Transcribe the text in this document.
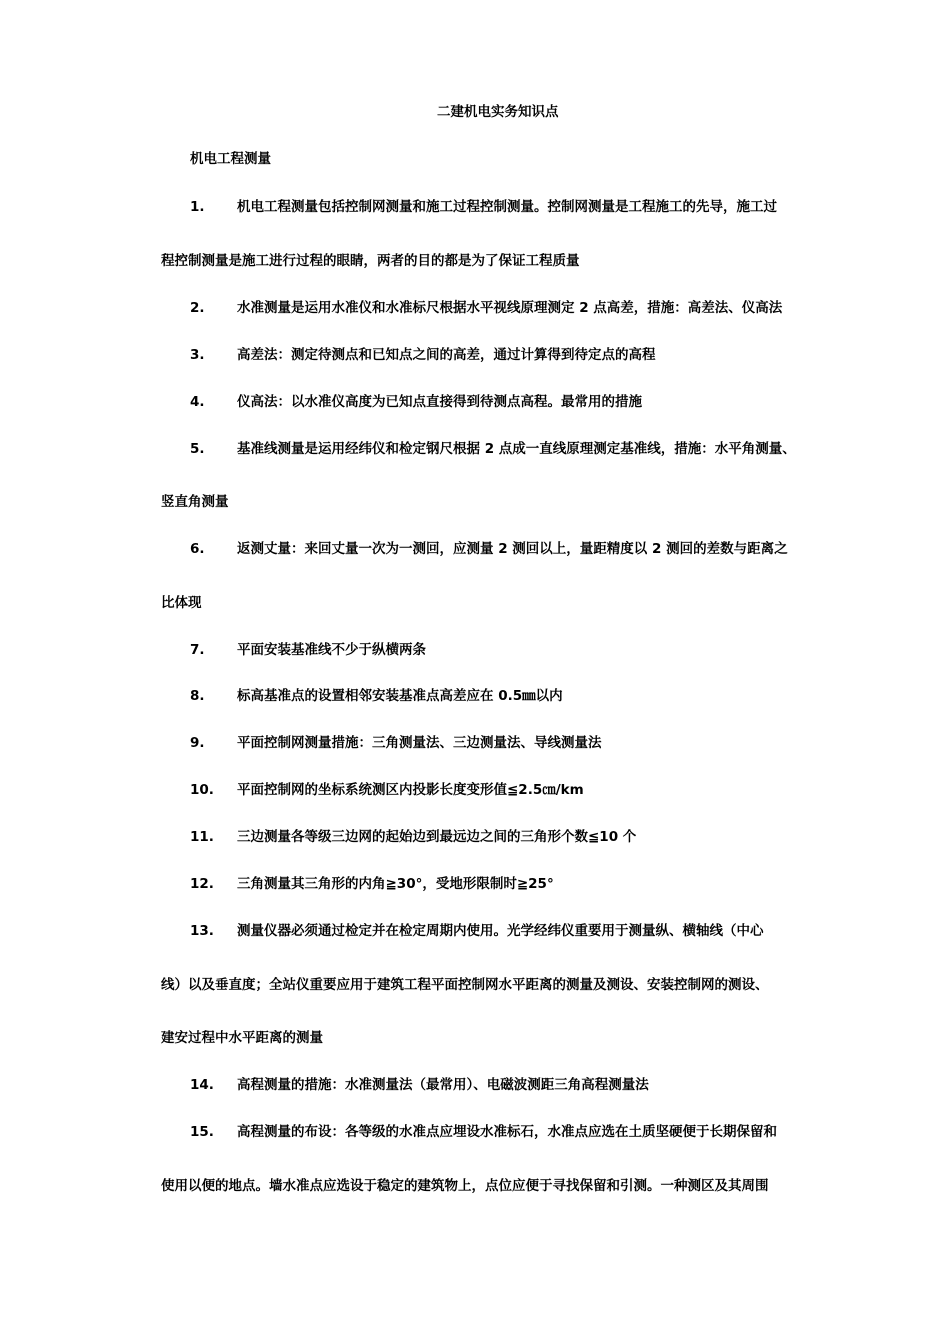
二建机电实务知识点
机电工程测量
1. 机电工程测量包括控制网测量和施工过程控制测量。控制网测量是工程施工的先导，施工过
程控制测量是施工进行过程的眼睛，两者的目的都是为了保证工程质量
2. 水准测量是运用水准仪和水准标尺根据水平视线原理测定 2 点高差，措施：高差法、仪高法
3. 高差法：测定待测点和已知点之间的高差，通过计算得到待定点的高程
4. 仪高法：以水准仪高度为已知点直接得到待测点高程。最常用的措施
5. 基准线测量是运用经纬仪和检定钢尺根据 2 点成一直线原理测定基准线，措施：水平角测量、
竖直角测量
6. 返测丈量：来回丈量一次为一测回，应测量 2 测回以上，量距精度以 2 测回的差数与距离之
比体现
7. 平面安装基准线不少于纵横两条
8. 标高基准点的设置相邻安装基准点高差应在 0.5㎜以内
9. 平面控制网测量措施：三角测量法、三边测量法、导线测量法
10. 平面控制网的坐标系统测区内投影长度变形值≦2.5㎝/km
11. 三边测量各等级三边网的起始边到最远边之间的三角形个数≦10 个
12. 三角测量其三角形的内角≧30°，受地形限制时≧25°
13. 测量仪器必须通过检定并在检定周期内使用。光学经纬仪重要用于测量纵、横轴线（中心
线）以及垂直度；全站仪重要应用于建筑工程平面控制网水平距离的测量及测设、安装控制网的测设、
建安过程中水平距离的测量
14. 高程测量的措施：水准测量法（最常用）、电磁波测距三角高程测量法
15. 高程测量的布设：各等级的水准点应埋设水准标石，水准点应选在土质坚硬便于长期保留和
使用以便的地点。墙水准点应选设于稳定的建筑物上，点位应便于寻找保留和引测。一种测区及其周围
